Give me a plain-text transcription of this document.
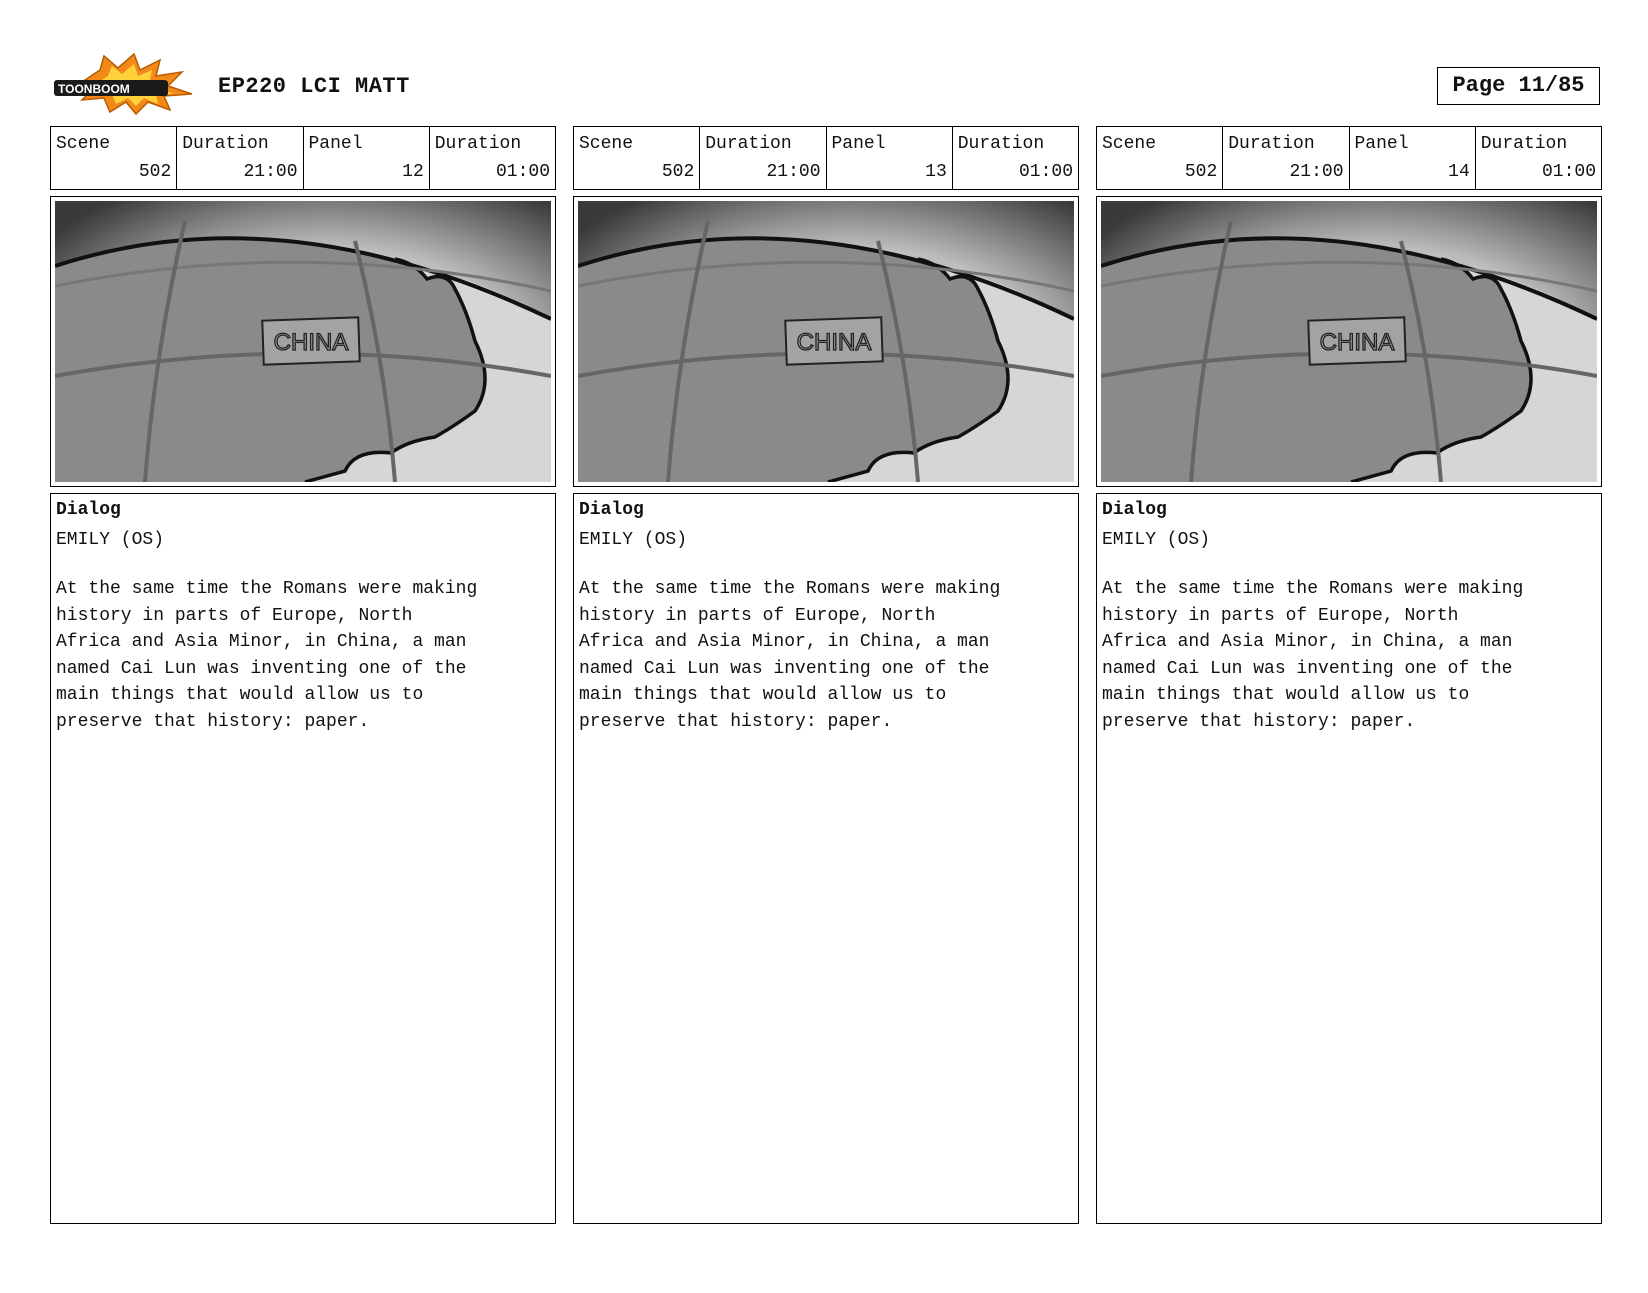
TOONBOOM	EP220 LCI MATT	Page 11/85
Scene
502
Duration
21:00
Panel
12
Duration
01:00
CHINA
Dialog
EMILY (OS)
At the same time the Romans were making
history in parts of Europe, North
Africa and Asia Minor, in China, a man
named Cai Lun was inventing one of the
main things that would allow us to
preserve that history: paper.
Scene
502
Duration
21:00
Panel
13
Duration
01:00
CHINA
Dialog
EMILY (OS)
At the same time the Romans were making
history in parts of Europe, North
Africa and Asia Minor, in China, a man
named Cai Lun was inventing one of the
main things that would allow us to
preserve that history: paper.
Scene
502
Duration
21:00
Panel
14
Duration
01:00
CHINA
Dialog
EMILY (OS)
At the same time the Romans were making
history in parts of Europe, North
Africa and Asia Minor, in China, a man
named Cai Lun was inventing one of the
main things that would allow us to
preserve that history: paper.
